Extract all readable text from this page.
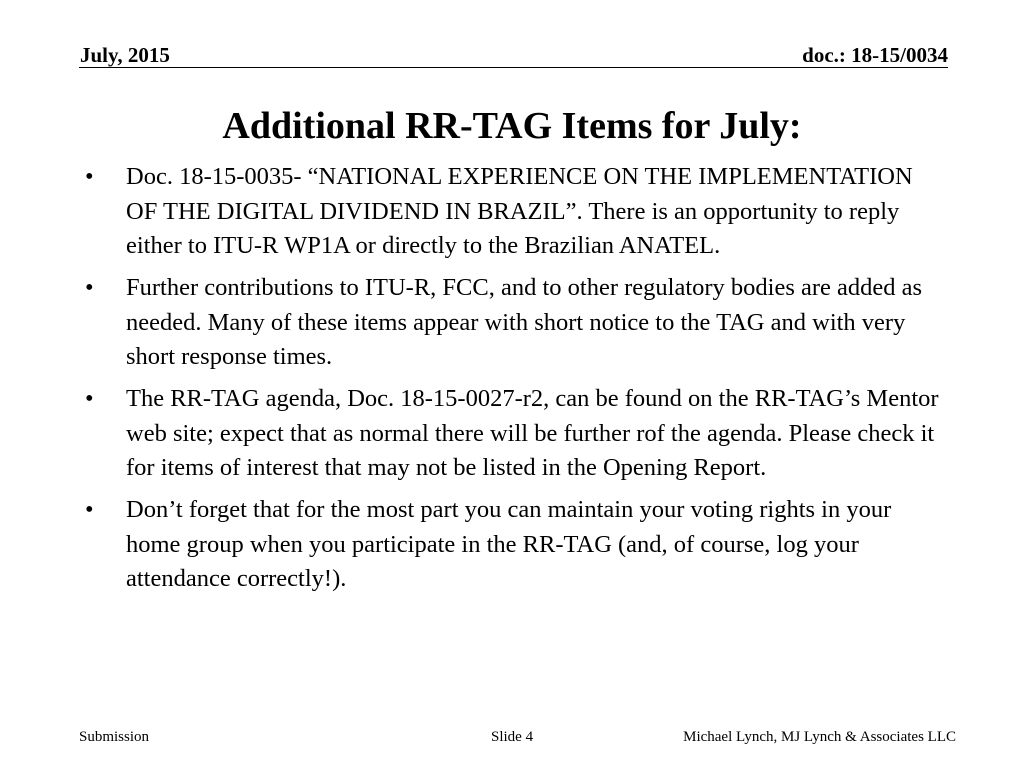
July, 2015	doc.: 18-15/0034
Additional RR-TAG Items for July:
•	Doc. 18-15-0035- “NATIONAL EXPERIENCE ON THE IMPLEMENTATION OF THE DIGITAL DIVIDEND IN BRAZIL”. There is an opportunity to reply either to ITU-R WP1A or directly to the Brazilian ANATEL.
•	Further contributions to ITU-R, FCC, and to other regulatory bodies are added as needed. Many of these items appear with short notice to the TAG and with very short response times.
•	The RR-TAG agenda, Doc. 18-15-0027-r2, can be found on the RR-TAG’s Mentor web site; expect that as normal there will be further rof the agenda. Please check it for items of interest that may not be listed in the Opening Report.
•	Don’t forget that for the most part you can maintain your voting rights in your home group when you participate in the RR-TAG (and, of course, log your attendance correctly!).
Submission	Slide 4	Michael Lynch, MJ Lynch & Associates LLC
